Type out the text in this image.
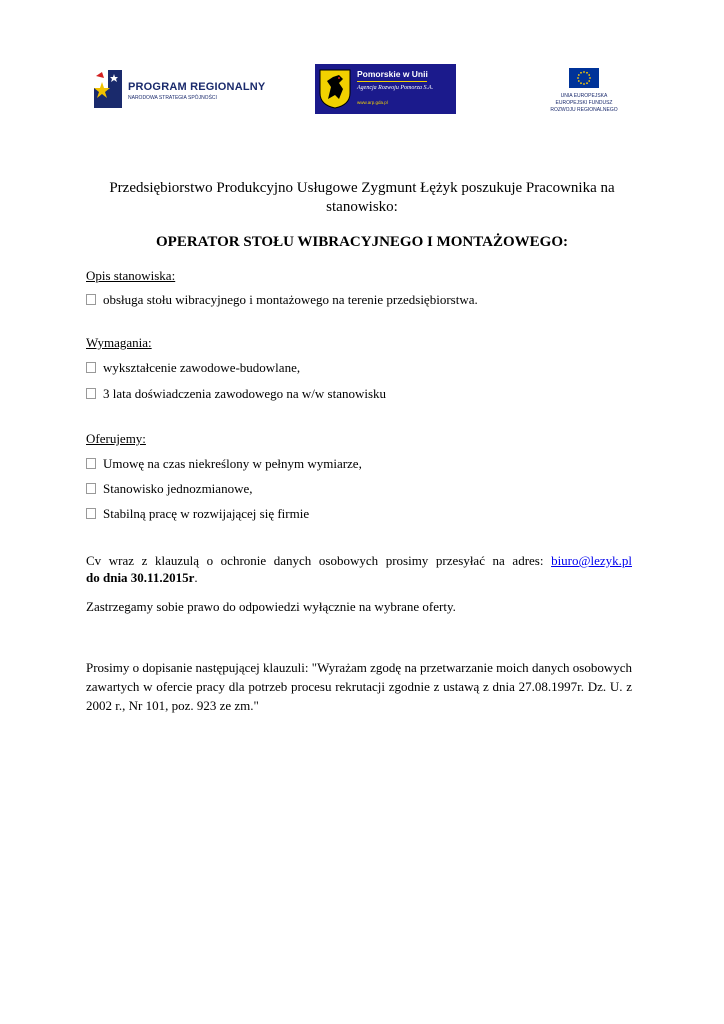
PROGRAM REGIONALNY
NARODOWA STRATEGIA SPÓJNOŚCI
Pomorskie w Unii
Agencja Rozwoju Pomorza S.A.
www.arp.gda.pl
UNIA EUROPEJSKA
EUROPEJSKI FUNDUSZ
ROZWOJU REGIONALNEGO
Przedsiębiorstwo Produkcyjno Usługowe Zygmunt Łężyk poszukuje Pracownika na
stanowisko:
OPERATOR STOŁU WIBRACYJNEGO I MONTAŻOWEGO:
Opis stanowiska:
obsługa stołu wibracyjnego i montażowego na terenie przedsiębiorstwa.
Wymagania:
wykształcenie zawodowe-budowlane,
3 lata doświadczenia zawodowego na w/w stanowisku
Oferujemy:
Umowę na czas niekreślony w pełnym wymiarze,
Stanowisko jednozmianowe,
Stabilną pracę w rozwijającej się firmie
Cv wraz z klauzulą o ochronie danych osobowych prosimy przesyłać na adres: biuro@lezyk.pl
do dnia 30.11.2015r.
Zastrzegamy sobie prawo do odpowiedzi wyłącznie na wybrane oferty.
Prosimy o dopisanie następującej klauzuli: "Wyrażam zgodę na przetwarzanie moich danych osobowych zawartych w ofercie pracy dla potrzeb procesu rekrutacji zgodnie z ustawą z dnia 27.08.1997r. Dz. U. z 2002 r., Nr 101, poz. 923 ze zm."
